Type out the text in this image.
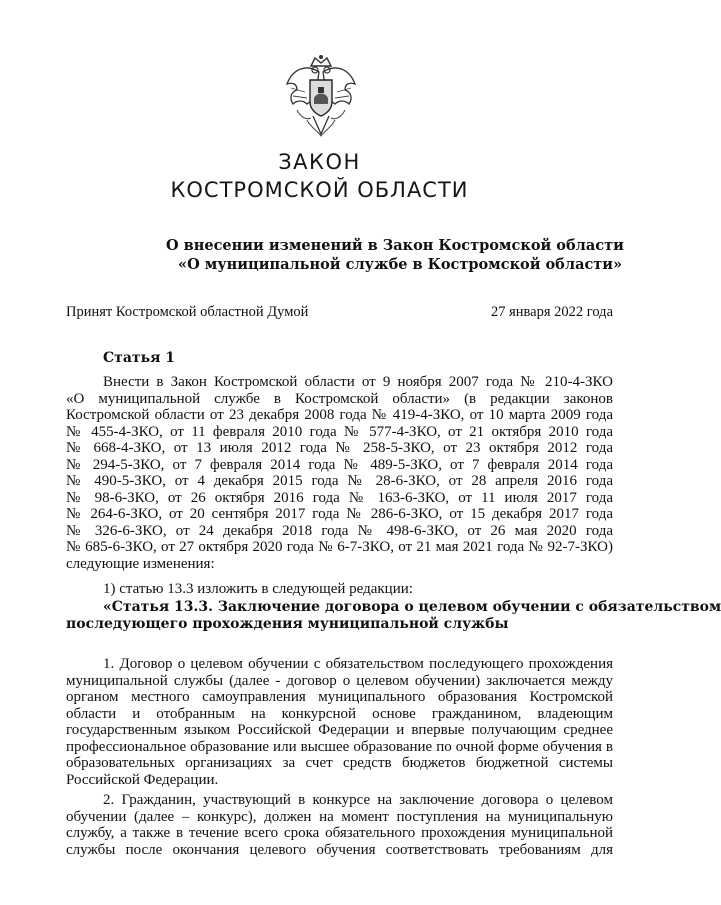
ЗАКОН
КОСТРОМСКОЙ ОБЛАСТИ
О внесении изменений в Закон Костромской области
«О муниципальной службе в Костромской области»
Принят Костромской областной Думой	27 января 2022 года
Статья 1
Внести в Закон Костромской области от 9 ноября 2007 года № 210-4-ЗКО
«О муниципальной службе в Костромской области» (в редакции законов
Костромской области от 23 декабря 2008 года № 419-4-ЗКО, от 10 марта 2009 года
№ 455-4-ЗКО, от 11 февраля 2010 года № 577-4-ЗКО, от 21 октября 2010 года
№ 668-4-ЗКО, от 13 июля 2012 года № 258-5-ЗКО, от 23 октября 2012 года
№ 294-5-ЗКО, от 7 февраля 2014 года № 489-5-ЗКО, от 7 февраля 2014 года
№ 490-5-ЗКО, от 4 декабря 2015 года № 28-6-ЗКО, от 28 апреля 2016 года
№ 98-6-ЗКО, от 26 октября 2016 года № 163-6-ЗКО, от 11 июля 2017 года
№ 264-6-ЗКО, от 20 сентября 2017 года № 286-6-ЗКО, от 15 декабря 2017 года
№ 326-6-ЗКО, от 24 декабря 2018 года № 498-6-ЗКО, от 26 мая 2020 года
№ 685-6-ЗКО, от 27 октября 2020 года № 6-7-ЗКО, от 21 мая 2021 года № 92-7-ЗКО)
следующие изменения:
1) статью 13.3 изложить в следующей редакции:
«Статья 13.3. Заключение договора о целевом обучении с обязательством
последующего прохождения муниципальной службы
1. Договор о целевом обучении с обязательством последующего прохождения
муниципальной службы (далее - договор о целевом обучении) заключается между
органом местного самоуправления муниципального образования Костромской
области и отобранным на конкурсной основе гражданином, владеющим
государственным языком Российской Федерации и впервые получающим среднее
профессиональное образование или высшее образование по очной форме обучения в
образовательных организациях за счет средств бюджетов бюджетной системы
Российской Федерации.
2. Гражданин, участвующий в конкурсе на заключение договора о целевом
обучении (далее – конкурс), должен на момент поступления на муниципальную
службу, а также в течение всего срока обязательного прохождения муниципальной
службы после окончания целевого обучения соответствовать требованиям для
